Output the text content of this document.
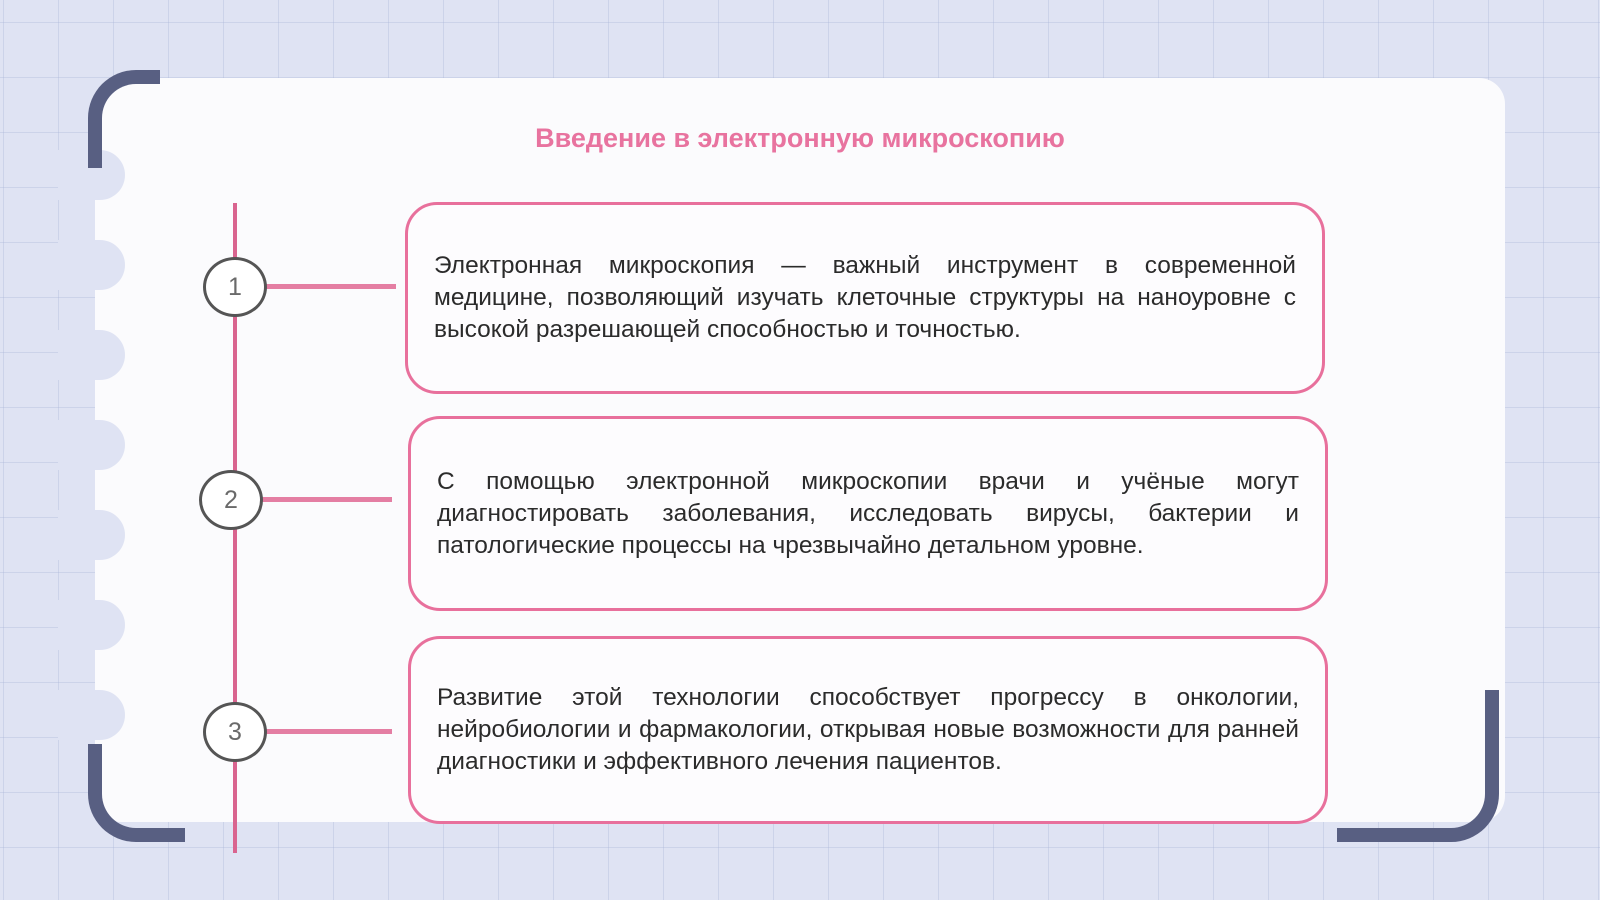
Введение в электронную микроскопию
1
2
3

Электронная микроскопия — важный инструмент в современной медицине, позволяющий изучать клеточные структуры на наноуровне с высокой разрешающей способностью и точностью.

С помощью электронной микроскопии врачи и учёные могут диагностировать заболевания, исследовать вирусы, бактерии и патологические процессы на чрезвычайно детальном уровне.

Развитие этой технологии способствует прогрессу в онкологии, нейробиологии и фармакологии, открывая новые возможности для ранней диагностики и эффективного лечения пациентов.
